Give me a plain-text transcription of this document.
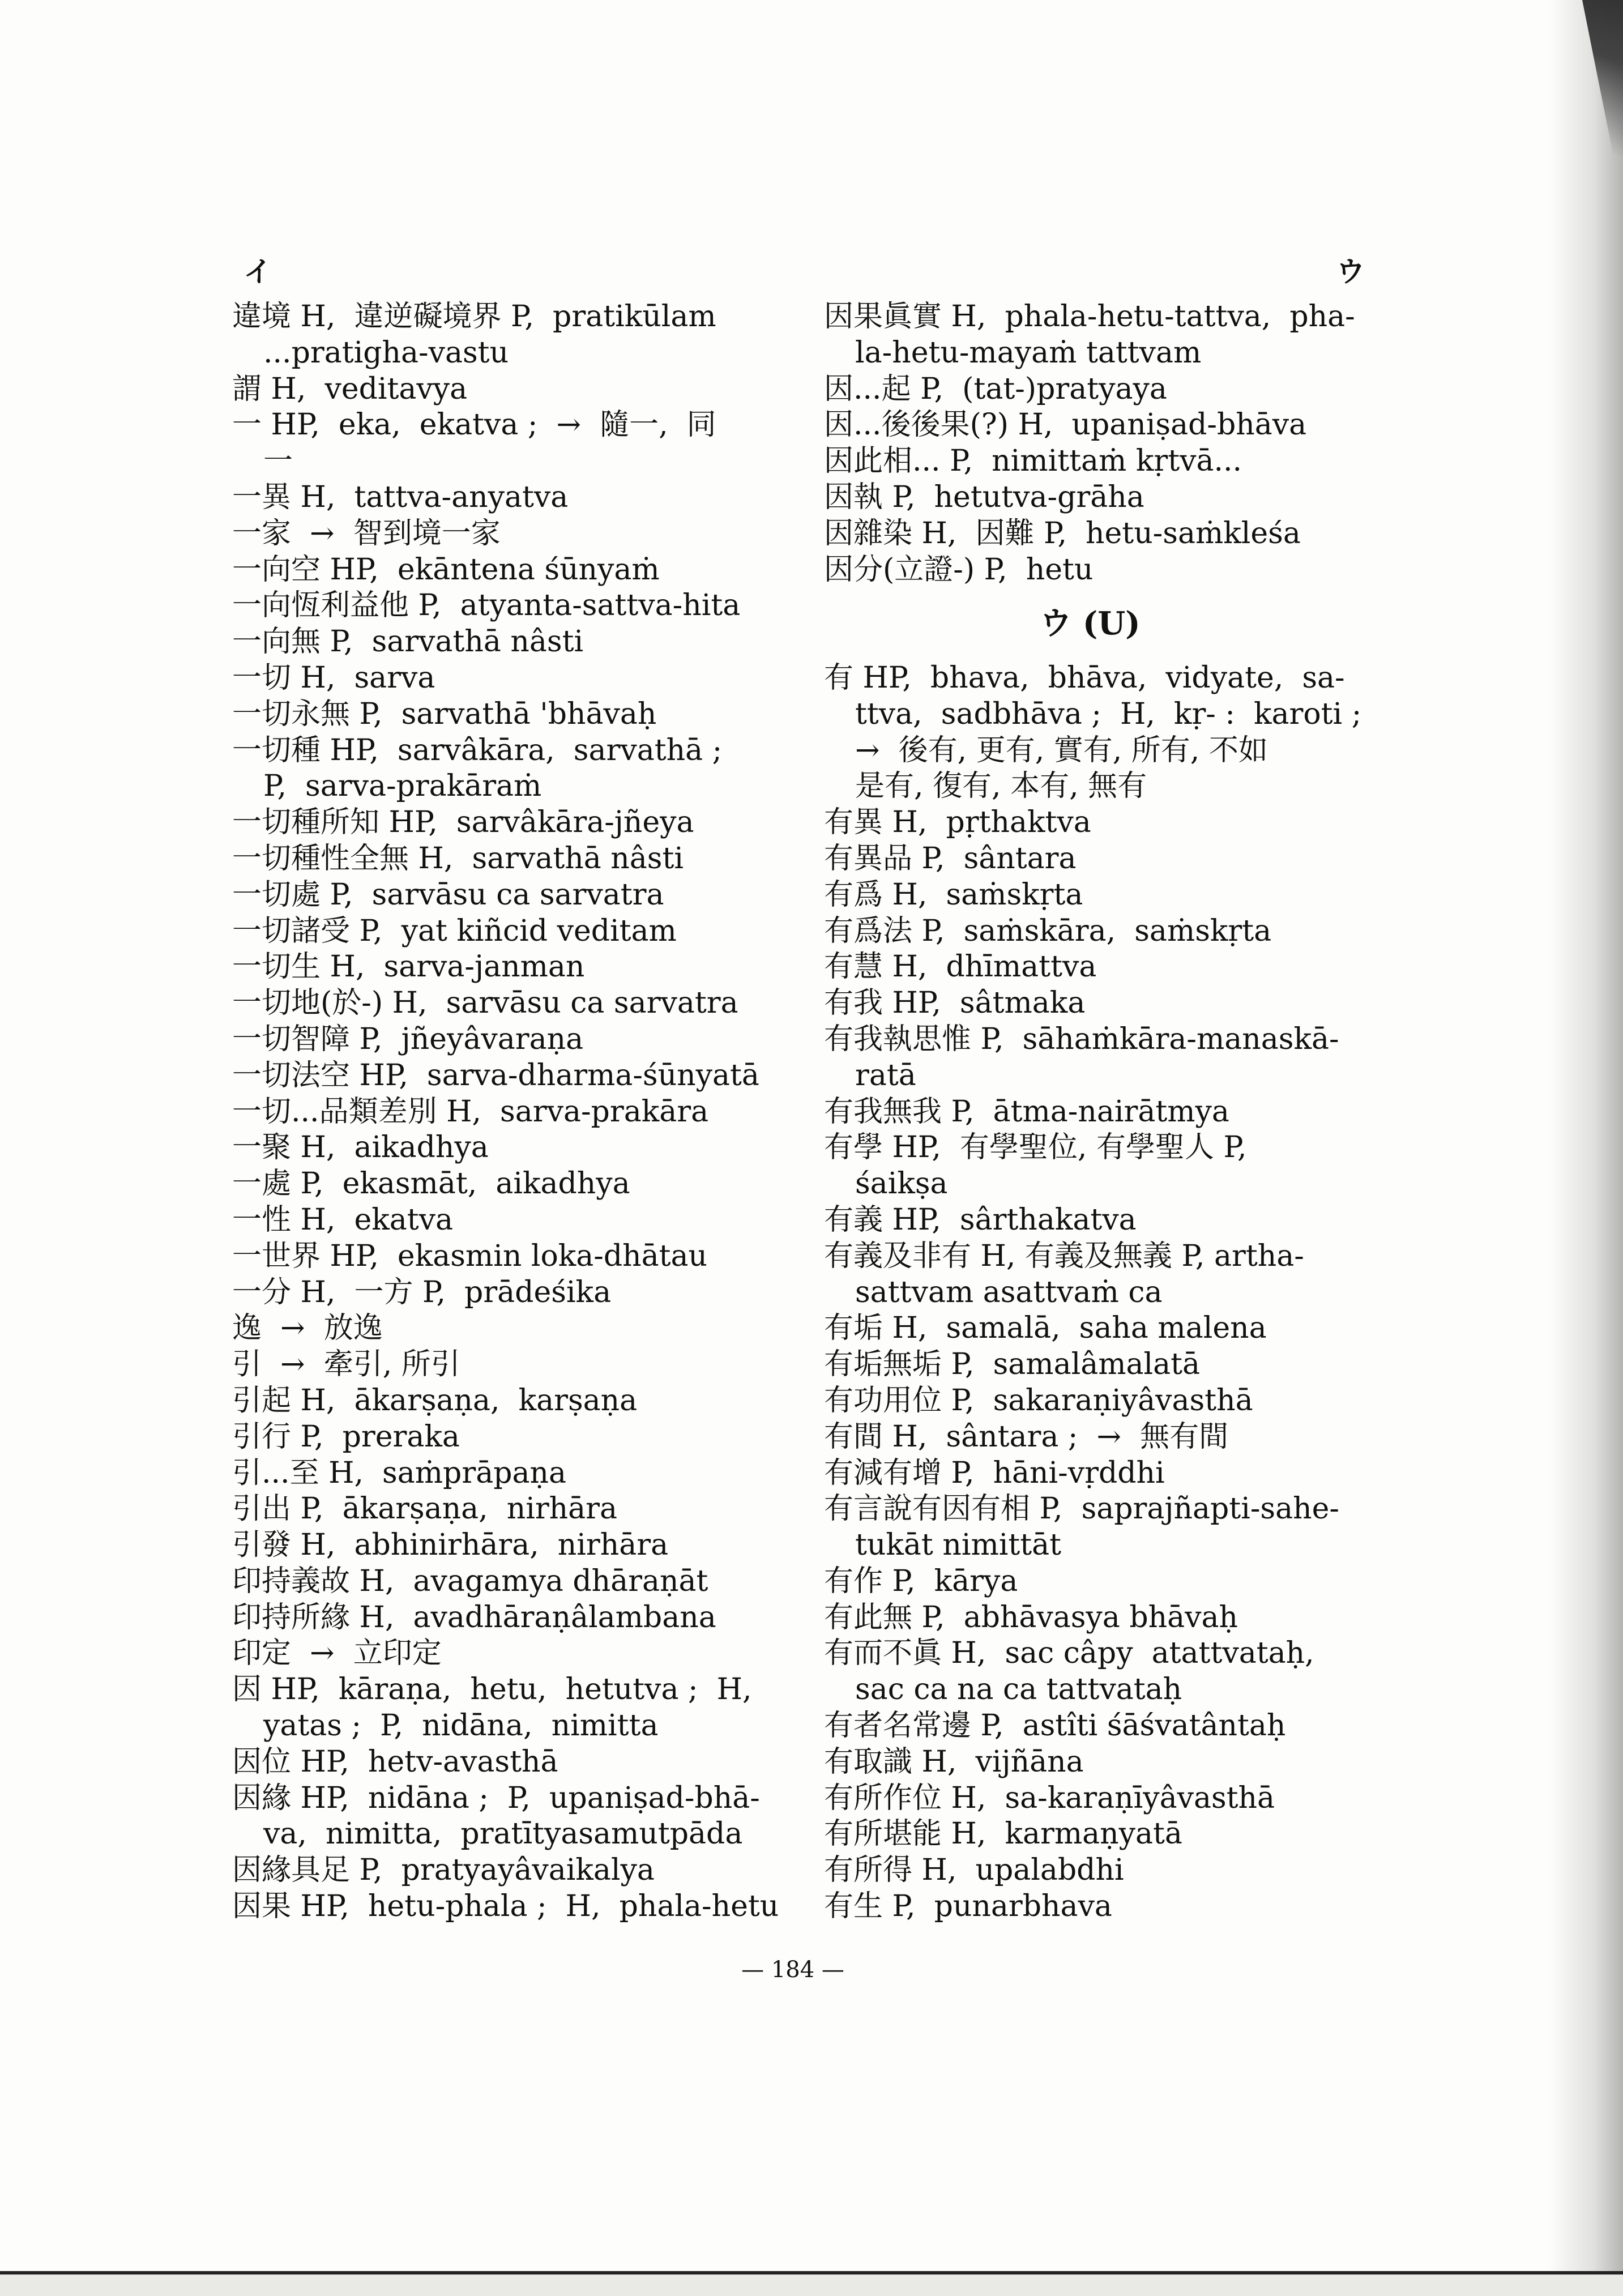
イ	ウ
違境 H,  違逆礙境界 P,  pratikūlam
...pratigha-vastu
謂 H,  veditavya
一 HP,  eka,  ekatva ;  →  隨一,  同
一
一異 H,  tattva-anyatva
一家  →  智到境一家
一向空 HP,  ekāntena śūnyaṁ
一向恆利益他 P,  atyanta-sattva-hita
一向無 P,  sarvathā nâsti
一切 H,  sarva
一切永無 P,  sarvathā 'bhāvaḥ
一切種 HP,  sarvâkāra,  sarvathā ;
P,  sarva-prakāraṁ
一切種所知 HP,  sarvâkāra-jñeya
一切種性全無 H,  sarvathā nâsti
一切處 P,  sarvāsu ca sarvatra
一切諸受 P,  yat kiñcid veditam
一切生 H,  sarva-janman
一切地(於-) H,  sarvāsu ca sarvatra
一切智障 P,  jñeyâvaraṇa
一切法空 HP,  sarva-dharma-śūnyatā
一切...品類差別 H,  sarva-prakāra
一聚 H,  aikadhya
一處 P,  ekasmāt,  aikadhya
一性 H,  ekatva
一世界 HP,  ekasmin loka-dhātau
一分 H,  一方 P,  prādeśika
逸  →  放逸
引  →  牽引, 所引
引起 H,  ākarṣaṇa,  karṣaṇa
引行 P,  preraka
引...至 H,  saṁprāpaṇa
引出 P,  ākarṣaṇa,  nirhāra
引發 H,  abhinirhāra,  nirhāra
印持義故 H,  avagamya dhāraṇāt
印持所緣 H,  avadhāraṇâlambana
印定  →  立印定
因 HP,  kāraṇa,  hetu,  hetutva ;  H,
yatas ;  P,  nidāna,  nimitta
因位 HP,  hetv-avasthā
因緣 HP,  nidāna ;  P,  upaniṣad-bhā-
va,  nimitta,  pratītyasamutpāda
因緣具足 P,  pratyayâvaikalya
因果 HP,  hetu-phala ;  H,  phala-hetu
因果眞實 H,  phala-hetu-tattva,  pha-
la-hetu-mayaṁ tattvam
因...起 P,  (tat-)pratyaya
因...後後果(?) H,  upaniṣad-bhāva
因此相... P,  nimittaṁ kṛtvā...
因執 P,  hetutva-grāha
因雜染 H,  因難 P,  hetu-saṁkleśa
因分(立證-) P,  hetu
ウ (U)
有 HP,  bhava,  bhāva,  vidyate,  sa-
ttva,  sadbhāva ;  H,  kṛ- :  karoti ;
→  後有, 更有, 實有, 所有, 不如
是有, 復有, 本有, 無有
有異 H,  pṛthaktva
有異品 P,  sântara
有爲 H,  saṁskṛta
有爲法 P,  saṁskāra,  saṁskṛta
有慧 H,  dhīmattva
有我 HP,  sâtmaka
有我執思惟 P,  sāhaṁkāra-manaskā-
ratā
有我無我 P,  ātma-nairātmya
有學 HP,  有學聖位, 有學聖人 P,
śaikṣa
有義 HP,  sârthakatva
有義及非有 H, 有義及無義 P, artha-
sattvam asattvaṁ ca
有垢 H,  samalā,  saha malena
有垢無垢 P,  samalâmalatā
有功用位 P,  sakaraṇiyâvasthā
有間 H,  sântara ;  →  無有間
有減有增 P,  hāni-vṛddhi
有言說有因有相 P,  saprajñapti-sahe-
tukāt nimittāt
有作 P,  kārya
有此無 P,  abhāvasya bhāvaḥ
有而不眞 H,  sac câpy  atattvataḥ,
sac ca na ca tattvataḥ
有者名常邊 P,  astîti śāśvatântaḥ
有取識 H,  vijñāna
有所作位 H,  sa-karaṇīyâvasthā
有所堪能 H,  karmaṇyatā
有所得 H,  upalabdhi
有生 P,  punarbhava
— 184 —
